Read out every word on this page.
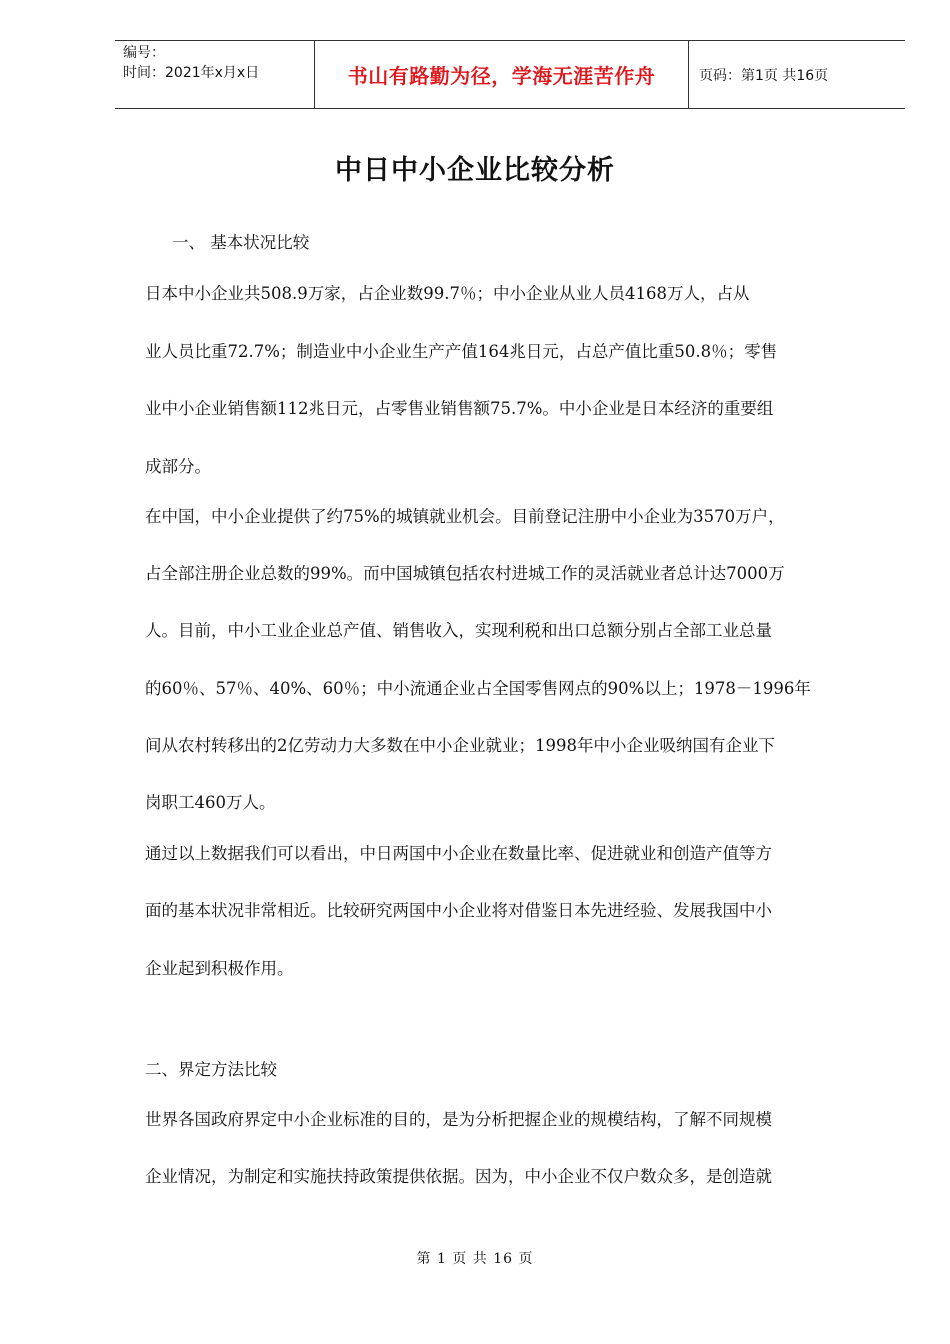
编号：
时间：2021年x月x日	书山有路勤为径，学海无涯苦作舟	页码：第1页 共16页
中日中小企业比较分析
一、 基本状况比较
日本中小企业共508.9万家，占企业数99.7％；中小企业从业人员4168万人，占从
业人员比重72.7%；制造业中小企业生产产值164兆日元，占总产值比重50.8％；零售
业中小企业销售额112兆日元，占零售业销售额75.7%。中小企业是日本经济的重要组
成部分。
在中国，中小企业提供了约75%的城镇就业机会。目前登记注册中小企业为3570万户，
占全部注册企业总数的99%。而中国城镇包括农村进城工作的灵活就业者总计达7000万
人。目前，中小工业企业总产值、销售收入，实现利税和出口总额分别占全部工业总量
的60％、57％、40%、60％；中小流通企业占全国零售网点的90%以上；1978－1996年
间从农村转移出的2亿劳动力大多数在中小企业就业；1998年中小企业吸纳国有企业下
岗职工460万人。
通过以上数据我们可以看出，中日两国中小企业在数量比率、促进就业和创造产值等方
面的基本状况非常相近。比较研究两国中小企业将对借鉴日本先进经验、发展我国中小
企业起到积极作用。
二、界定方法比较
世界各国政府界定中小企业标准的目的，是为分析把握企业的规模结构，了解不同规模
企业情况，为制定和实施扶持政策提供依据。因为，中小企业不仅户数众多，是创造就
第 1 页 共 16 页
